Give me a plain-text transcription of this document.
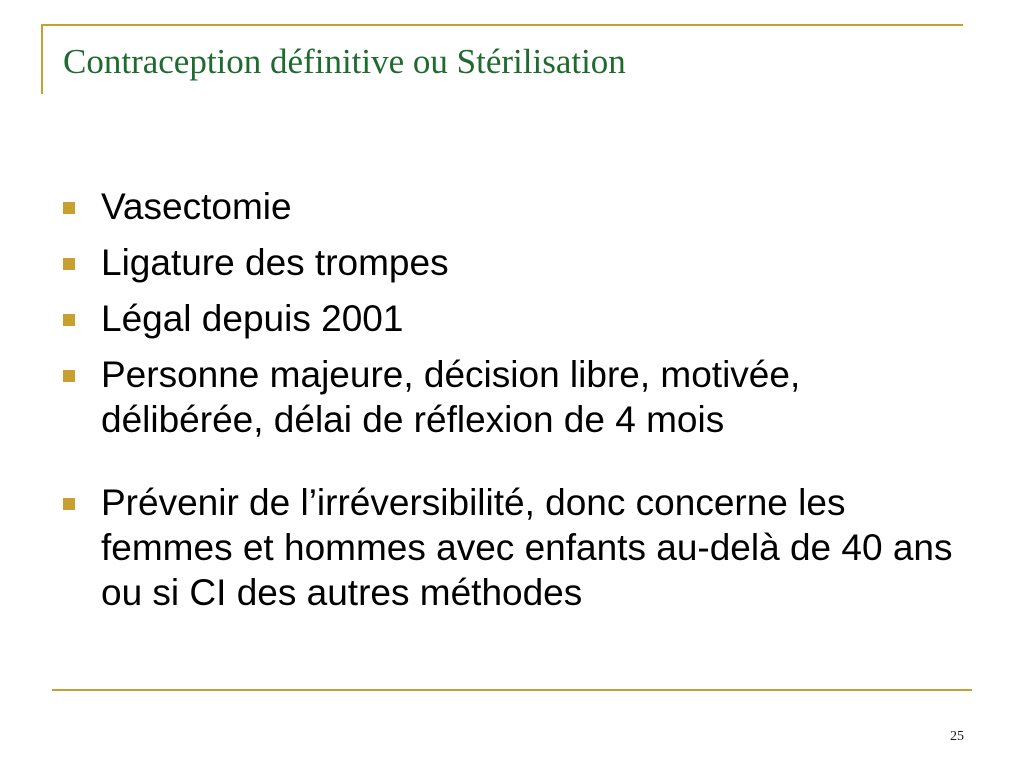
Contraception définitive ou Stérilisation
Vasectomie
Ligature des trompes
Légal depuis 2001
Personne majeure, décision libre, motivée, délibérée, délai de réflexion de 4 mois
Prévenir de l’irréversibilité, donc concerne les femmes et hommes avec enfants au-delà de 40 ans ou si CI des autres méthodes
25
